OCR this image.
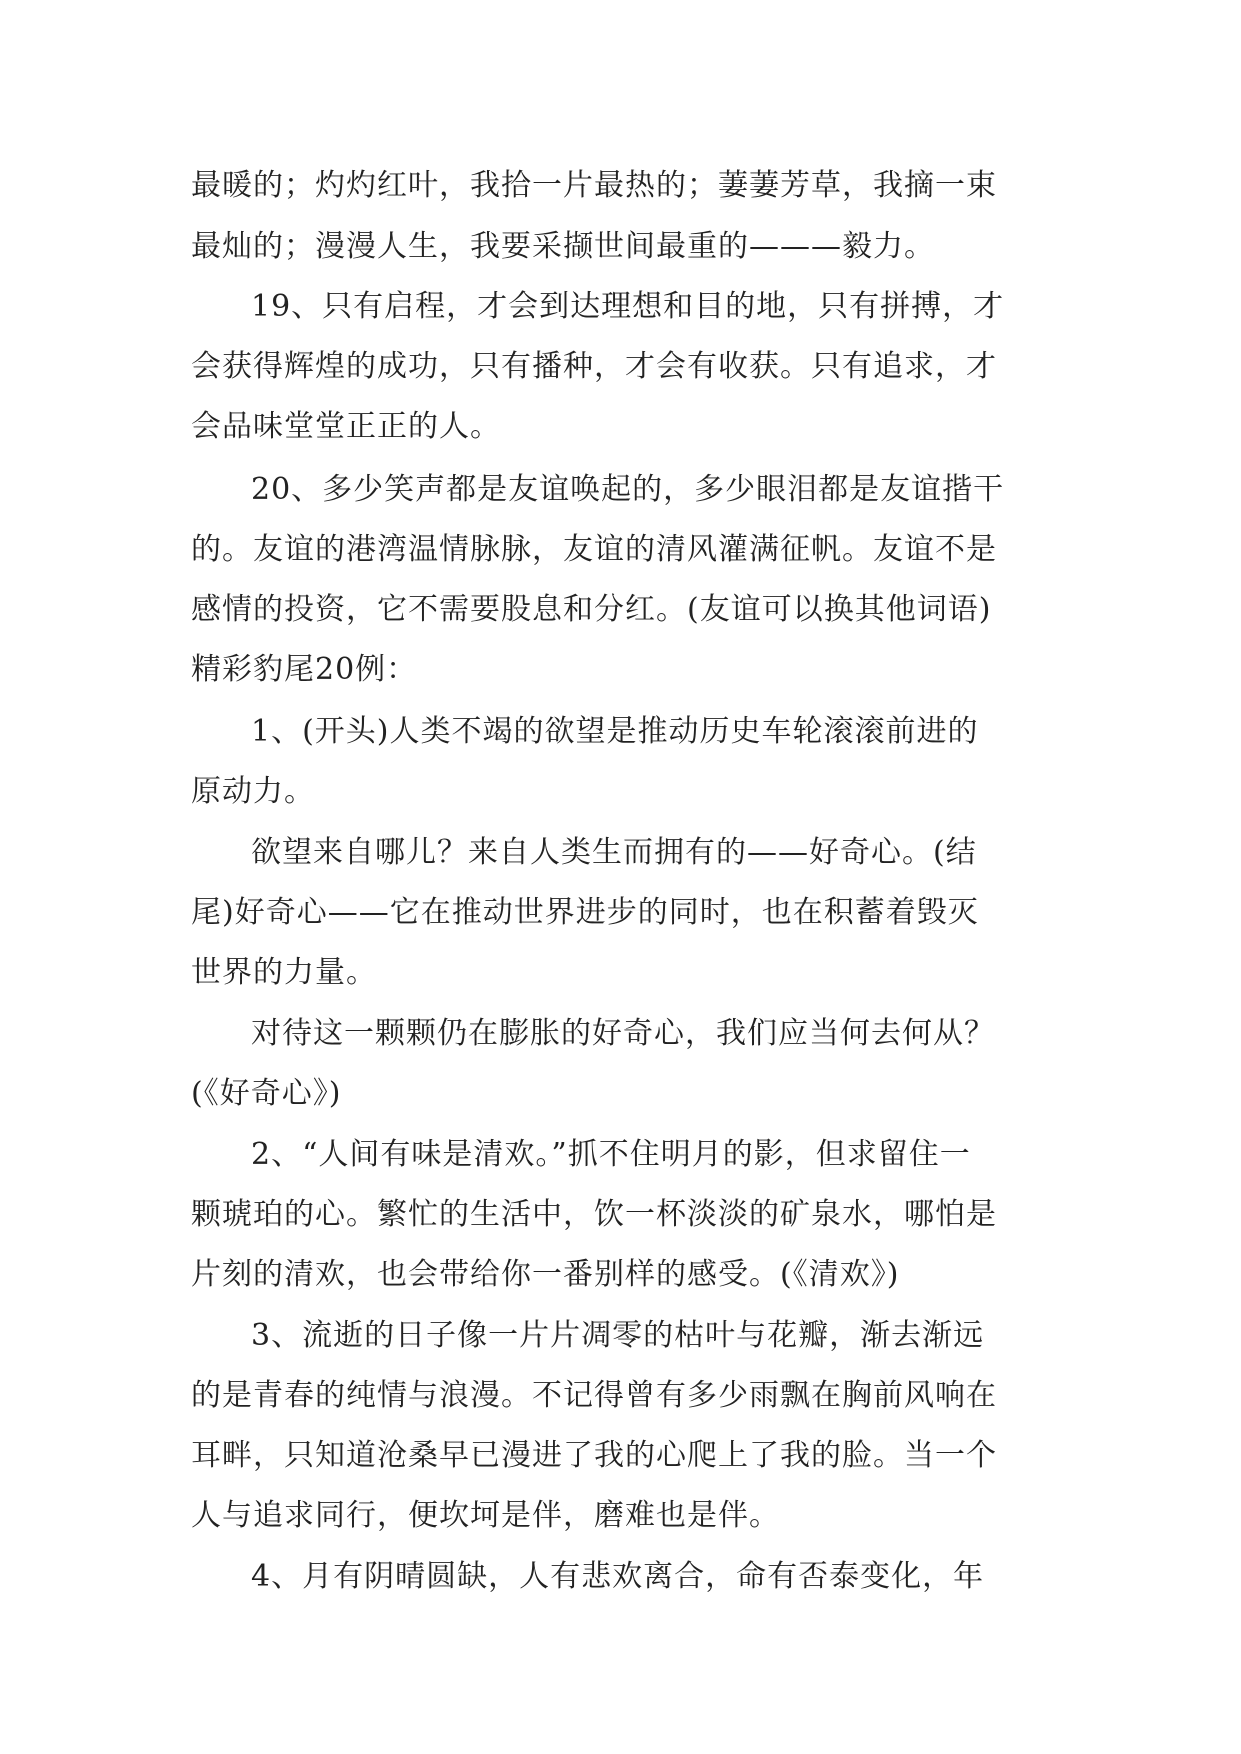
最暖的；灼灼红叶，我拾一片最热的；萋萋芳草，我摘一束
最灿的；漫漫人生，我要采撷世间最重的———毅力。
19、只有启程，才会到达理想和目的地，只有拼搏，才
会获得辉煌的成功，只有播种，才会有收获。只有追求，才
会品味堂堂正正的人。
20、多少笑声都是友谊唤起的，多少眼泪都是友谊揩干
的。友谊的港湾温情脉脉，友谊的清风灌满征帆。友谊不是
感情的投资，它不需要股息和分红。(友谊可以换其他词语)
精彩豹尾20例：
1、(开头)人类不竭的欲望是推动历史车轮滚滚前进的
原动力。
欲望来自哪儿？来自人类生而拥有的——好奇心。(结
尾)好奇心——它在推动世界进步的同时，也在积蓄着毁灭
世界的力量。
对待这一颗颗仍在膨胀的好奇心，我们应当何去何从？
(《好奇心》)
2、“人间有味是清欢。”抓不住明月的影，但求留住一
颗琥珀的心。繁忙的生活中，饮一杯淡淡的矿泉水，哪怕是
片刻的清欢，也会带给你一番别样的感受。(《清欢》)
3、流逝的日子像一片片凋零的枯叶与花瓣，渐去渐远
的是青春的纯情与浪漫。不记得曾有多少雨飘在胸前风响在
耳畔，只知道沧桑早已漫进了我的心爬上了我的脸。当一个
人与追求同行，便坎坷是伴，磨难也是伴。
4、月有阴晴圆缺，人有悲欢离合，命有否泰变化，年
